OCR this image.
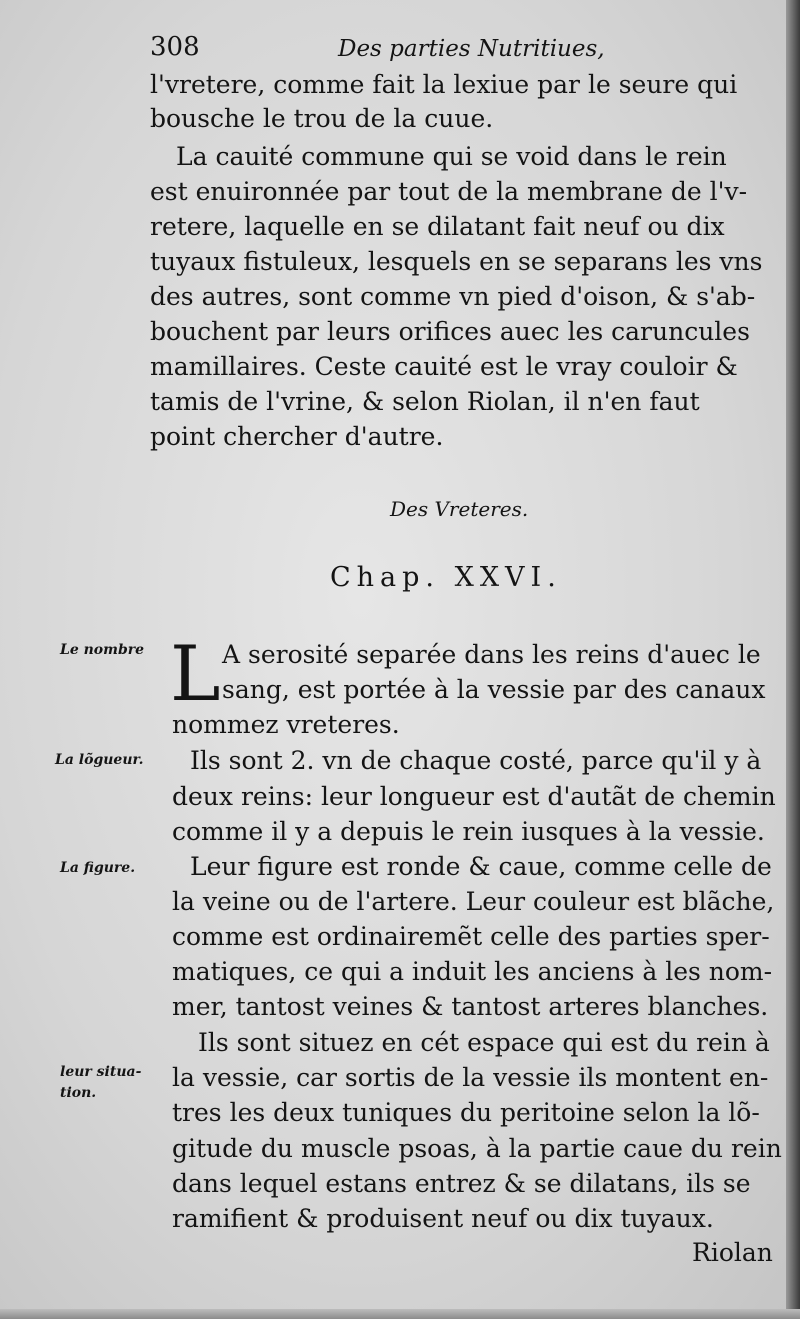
308	Des parties Nutritiues,
l'vretere, comme fait la lexiue par le seure qui
bousche le trou de la cuue.
La cauité commune qui se void dans le rein
est enuironnée par tout de la membrane de l'v-
retere, laquelle en se dilatant fait neuf ou dix
tuyaux fistuleux, lesquels en se separans les vns
des autres, sont comme vn pied d'oison, & s'ab-
bouchent par leurs orifices auec les caruncules
mamillaires. Ceste cauité est le vray couloir &
tamis de l'vrine, & selon Riolan, il n'en faut
point chercher d'autre.
Des Vreteres.
Chap. XXVI.
L A serosité separée dans les reins d'auec le
sang, est portée à la vessie par des canaux
nommez vreteres.
Ils sont 2. vn de chaque costé, parce qu'il y à
deux reins: leur longueur est d'autãt de chemin
comme il y a depuis le rein iusques à la vessie.
Leur figure est ronde & caue, comme celle de
la veine ou de l'artere. Leur couleur est blãche,
comme est ordinairemẽt celle des parties sper-
matiques, ce qui a induit les anciens à les nom-
mer, tantost veines & tantost arteres blanches.
Ils sont situez en cét espace qui est du rein à
la vessie, car sortis de la vessie ils montent en-
tres les deux tuniques du peritoine selon la lõ-
gitude du muscle psoas, à la partie caue du rein
dans lequel estans entrez & se dilatans, ils se
ramifient & produisent neuf ou dix tuyaux.
Riolan
Le nombre
La lõgueur.
La figure.
leur situa-
tion.
